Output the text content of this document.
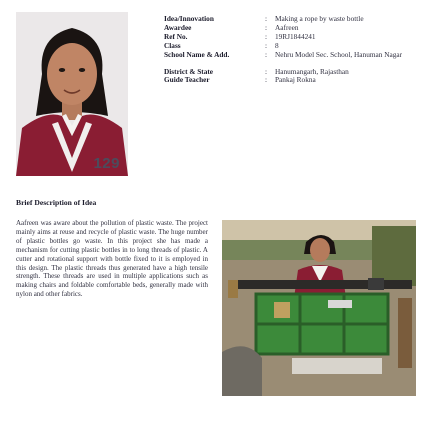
129
Idea/Innovation	:	Making a rope by waste bottle
Awardee	:	Aafreen
Ref No.	:	19RJ1844241
Class	:	8
School Name & Add.	:	Nehru Model Sec. School, Hanuman Nagar
District & State	:	Hanumangarh, Rajasthan
Guide Teacher	:	Pankaj Rokna
Brief Description of Idea

Aafreen was aware about the pollution of plastic waste. The project mainly aims at reuse and recycle of plastic waste. The huge number of plastic bottles go waste. In this project she has made a mechanism for cutting plastic bottles in to long threads of plastic. A cutter and rotational support with bottle fixed to it is employed in this design. The plastic threads thus generated have a high tensile strength. These threads are used in multiple applications such as making chairs and foldable comfortable beds, generally made with nylon and other fabrics.
